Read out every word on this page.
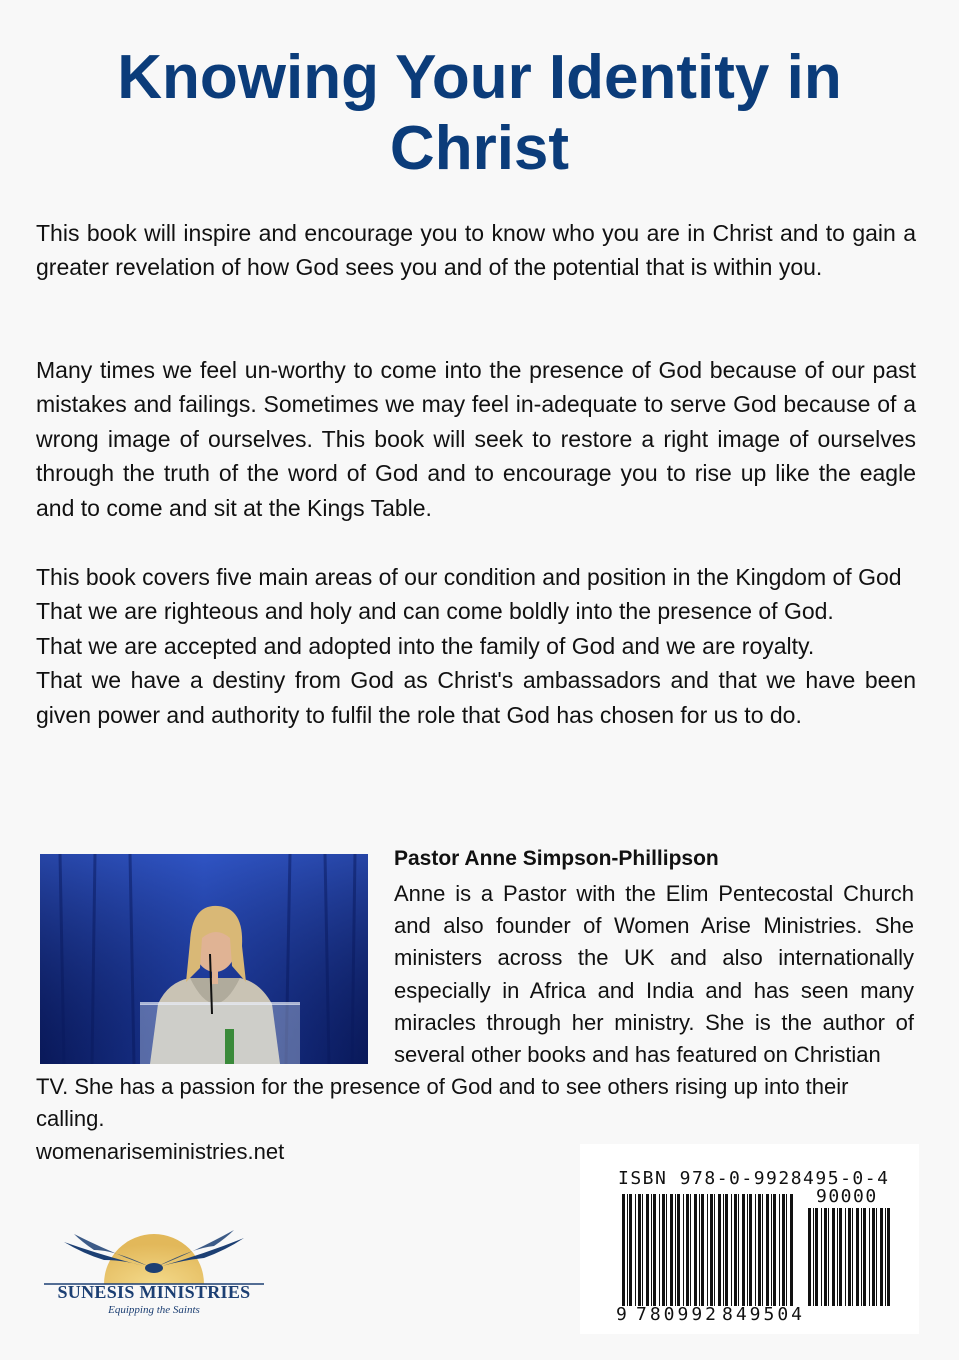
Knowing Your Identity in Christ

This book will inspire and encourage you to know who you are in Christ and to gain a greater revelation of how God sees you and of the potential that is within you.

Many times we feel un-worthy to come into the presence of God because of our past mistakes and failings. Sometimes we may feel in-adequate to serve God because of a wrong image of ourselves. This book will seek to restore a right image of ourselves through the truth of the word of God and to encourage you to rise up like the eagle and to come and sit at the Kings Table.

This book covers five main areas of our condition and position in the Kingdom of God
That we are righteous and holy and can come boldly into the presence of God.
That we are accepted and adopted into the family of God and we are royalty.
That we have a destiny from God as Christ's ambassadors and that we have been given power and authority to fulfil the role that God has chosen for us to do.
Pastor Anne Simpson-Phillipson
Anne is a Pastor with the Elim Pentecostal Church and also founder of Women Arise Ministries. She ministers across the UK and also internationally especially in Africa and India and has seen many miracles through her ministry. She is the author of several other books and has featured on Christian
TV. She has a passion for the presence of God and to see others rising up into their calling.
womenariseministries.net
SUNESIS MINISTRIES
Equipping the Saints
ISBN 978-0-9928495-0-4
90000
9 780992 849504
